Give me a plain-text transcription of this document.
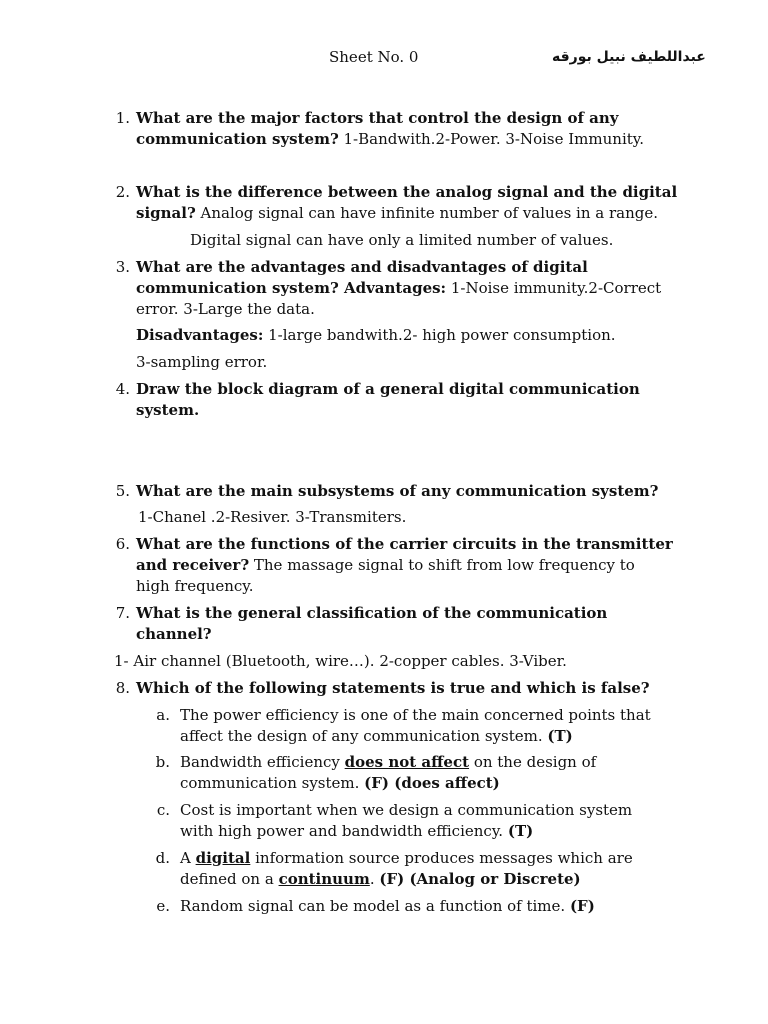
Sheet No. 0	عبداللطيف نبيل بورقه
1. What are the major factors that control the design of any
communication system? 1-Bandwith.2-Power. 3-Noise Immunity.
2. What is the difference between the analog signal and the digital
signal? Analog signal can have infinite number of values in a range.
Digital signal can have only a limited number of values.
3. What are the advantages and disadvantages of digital
communication system? Advantages: 1-Noise immunity.2-Correct
error. 3-Large the data.
Disadvantages: 1-large bandwith.2- high power consumption.
3-sampling error.
4. Draw the block diagram of a general digital communication
system.
5. What are the main subsystems of any communication system?
1-Chanel .2-Resiver. 3-Transmiters.
6. What are the functions of the carrier circuits in the transmitter
and receiver? The massage signal to shift from low frequency to
high frequency.
7. What is the general classification of the communication
channel?
1- Air channel (Bluetooth, wire…). 2-copper cables. 3-Viber.
8. Which of the following statements is true and which is false?
a. The power efficiency is one of the main concerned points that
affect the design of any communication system. (T)
b. Bandwidth efficiency does not affect on the design of
communication system. (F) (does affect)
c. Cost is important when we design a communication system
with high power and bandwidth efficiency. (T)
d. A digital information source produces messages which are
defined on a continuum. (F) (Analog or Discrete)
e. Random signal can be model as a function of time. (F)
